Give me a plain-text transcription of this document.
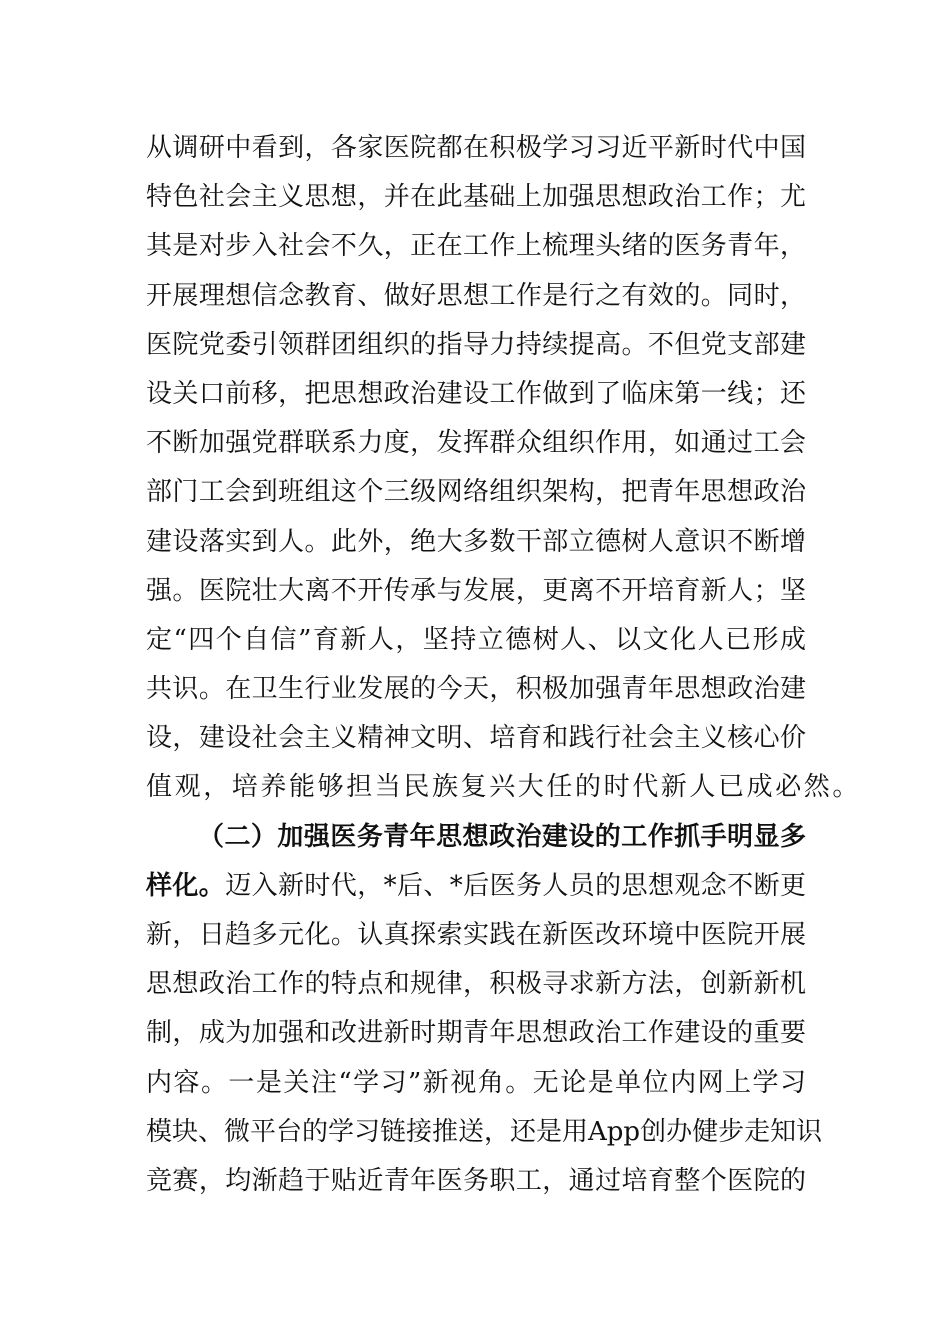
从调研中看到，各家医院都在积极学习习近平新时代中国
特色社会主义思想，并在此基础上加强思想政治工作；尤
其是对步入社会不久，正在工作上梳理头绪的医务青年，
开展理想信念教育、做好思想工作是行之有效的。同时，
医院党委引领群团组织的指导力持续提高。不但党支部建
设关口前移，把思想政治建设工作做到了临床第一线；还
不断加强党群联系力度，发挥群众组织作用，如通过工会
部门工会到班组这个三级网络组织架构，把青年思想政治
建设落实到人。此外，绝大多数干部立德树人意识不断增
强。医院壮大离不开传承与发展，更离不开培育新人；坚
定“四个自信”育新人，坚持立德树人、以文化人已形成
共识。在卫生行业发展的今天，积极加强青年思想政治建
设，建设社会主义精神文明、培育和践行社会主义核心价
值观，培养能够担当民族复兴大任的时代新人已成必然。
（二）加强医务青年思想政治建设的工作抓手明显多
样化。迈入新时代，*后、*后医务人员的思想观念不断更
新，日趋多元化。认真探索实践在新医改环境中医院开展
思想政治工作的特点和规律，积极寻求新方法，创新新机
制，成为加强和改进新时期青年思想政治工作建设的重要
内容。一是关注“学习”新视角。无论是单位内网上学习
模块、微平台的学习链接推送，还是用App创办健步走知识
竞赛，均渐趋于贴近青年医务职工，通过培育整个医院的
